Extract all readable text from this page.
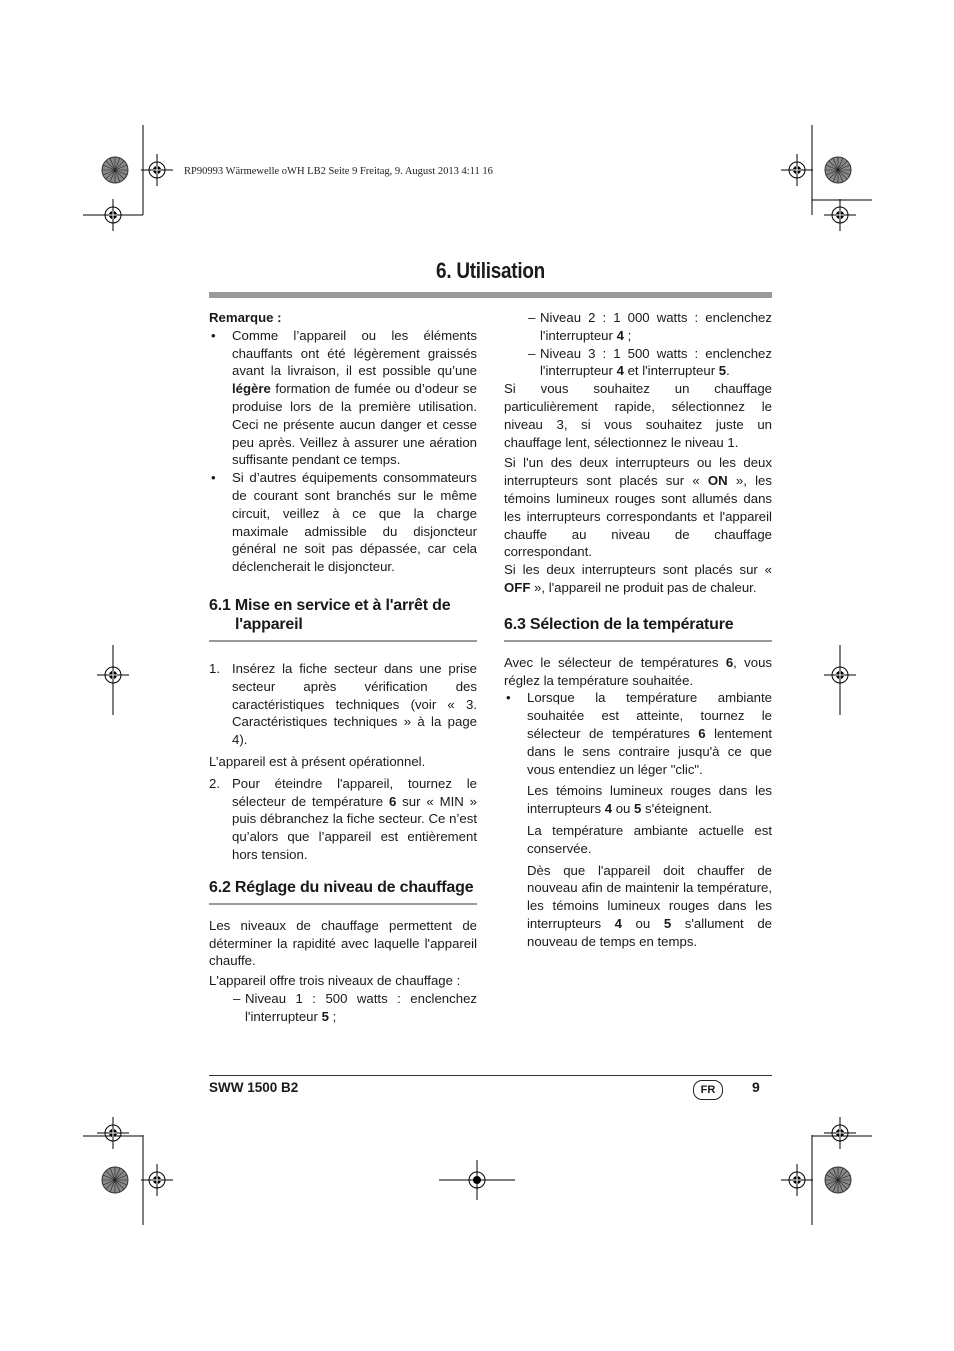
RP90993 Wärmewelle oWH LB2 Seite 9 Freitag, 9. August 2013 4:11 16
6. Utilisation

Remarque :

• Comme l’appareil ou les éléments chauffants ont été légèrement graissés avant la livraison, il est possible qu’une légère formation de fumée ou d’odeur se produise lors de la première utilisation. Ceci ne présente aucun danger et cesse peu après. Veillez à assurer une aération suffisante pendant ce temps.

• Si d’autres équipements consommateurs de courant sont branchés sur le même circuit, veillez à ce que la charge maximale admissible du disjoncteur général ne soit pas dépassée, car cela déclencherait le disjoncteur.

6.1 Mise en service et à l'arrêt de
l'appareil

1. Insérez la fiche secteur dans une prise secteur après vérification des caractéristiques techniques (voir « 3. Caractéristiques techniques » à la page 4).

L’appareil est à présent opérationnel.

2. Pour éteindre l'appareil, tournez le sélecteur de température 6 sur « MIN » puis débranchez la fiche secteur. Ce n’est qu’alors que l’appareil est entièrement hors tension.

6.2 Réglage du niveau de chauffage

Les niveaux de chauffage permettent de déterminer la rapidité avec laquelle l'appareil chauffe.

L'appareil offre trois niveaux de chauffage :

– Niveau 1 : 500 watts : enclenchez l'interrupteur 5 ;

– Niveau 2 : 1 000 watts : enclenchez l'interrupteur 4 ;

– Niveau 3 : 1 500 watts : enclenchez l'interrupteur 4 et l'interrupteur 5.

Si vous souhaitez un chauffage particulièrement rapide, sélectionnez le niveau 3, si vous souhaitez juste un chauffage lent, sélectionnez le niveau 1.

Si l'un des deux interrupteurs ou les deux interrupteurs sont placés sur « ON », les témoins lumineux rouges sont allumés dans les interrupteurs correspondants et l'appareil chauffe au niveau de chauffage correspondant.

Si les deux interrupteurs sont placés sur « OFF », l'appareil ne produit pas de chaleur.

6.3 Sélection de la température

Avec le sélecteur de températures 6, vous réglez la température souhaitée.

• Lorsque la température ambiante souhaitée est atteinte, tournez le sélecteur de températures 6 lentement dans le sens contraire jusqu'à ce que vous entendiez un léger "clic".

Les témoins lumineux rouges dans les interrupteurs 4 ou 5 s'éteignent.

La température ambiante actuelle est conservée.

Dès que l'appareil doit chauffer de nouveau afin de maintenir la température, les témoins lumineux rouges dans les interrupteurs 4 ou 5 s'allument de nouveau de temps en temps.

SWW 1500 B2	FR	9
